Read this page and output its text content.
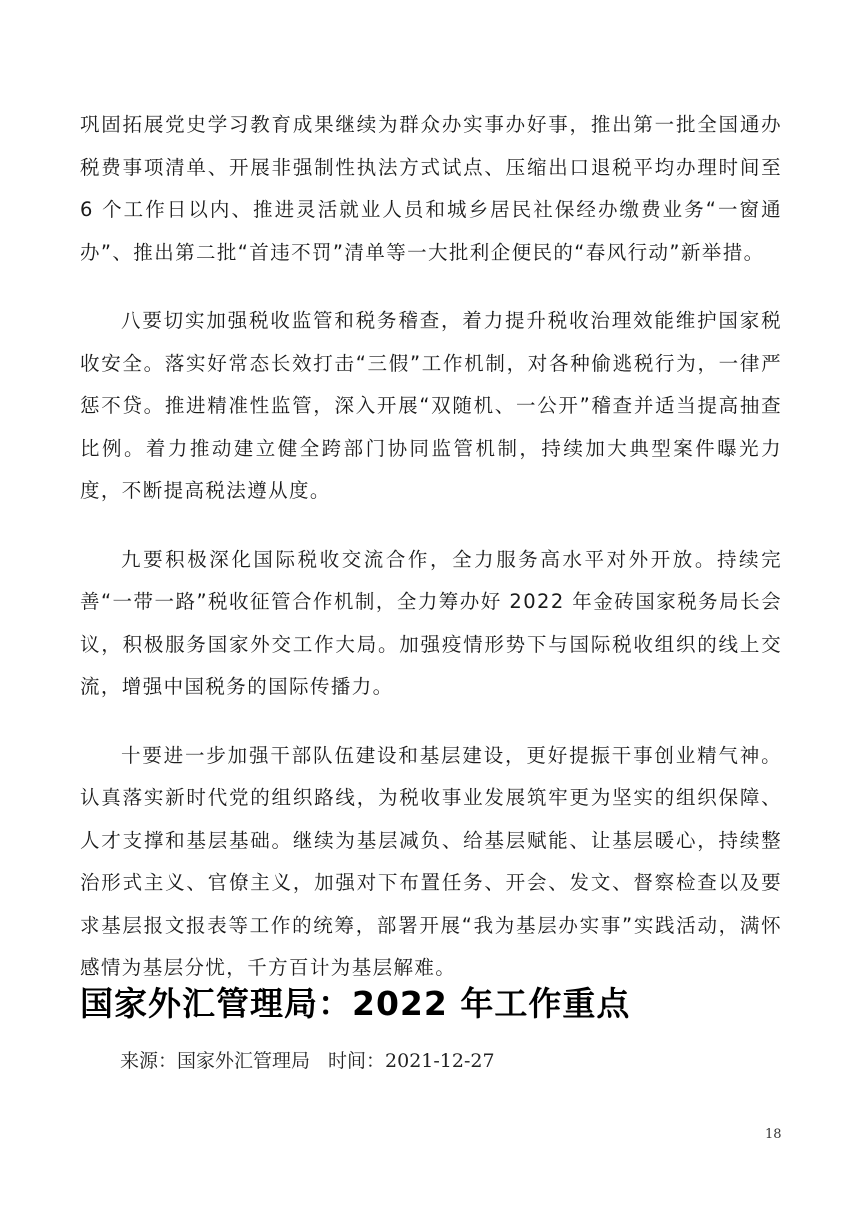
巩固拓展党史学习教育成果继续为群众办实事办好事，推出第一批全国通办税费事项清单、开展非强制性执法方式试点、压缩出口退税平均办理时间至 6 个工作日以内、推进灵活就业人员和城乡居民社保经办缴费业务“一窗通办”、推出第二批“首违不罚”清单等一大批利企便民的“春风行动”新举措。

八要切实加强税收监管和税务稽查，着力提升税收治理效能维护国家税收安全。落实好常态长效打击“三假”工作机制，对各种偷逃税行为，一律严惩不贷。推进精准性监管，深入开展“双随机、一公开”稽查并适当提高抽查比例。着力推动建立健全跨部门协同监管机制，持续加大典型案件曝光力度，不断提高税法遵从度。

九要积极深化国际税收交流合作，全力服务高水平对外开放。持续完善“一带一路”税收征管合作机制，全力筹办好 2022 年金砖国家税务局长会议，积极服务国家外交工作大局。加强疫情形势下与国际税收组织的线上交流，增强中国税务的国际传播力。

十要进一步加强干部队伍建设和基层建设，更好提振干事创业精气神。认真落实新时代党的组织路线，为税收事业发展筑牢更为坚实的组织保障、人才支撑和基层基础。继续为基层减负、给基层赋能、让基层暖心，持续整治形式主义、官僚主义，加强对下布置任务、开会、发文、督察检查以及要求基层报文报表等工作的统筹，部署开展“我为基层办实事”实践活动，满怀感情为基层分忧，千方百计为基层解难。

国家外汇管理局：2022 年工作重点
来源：国家外汇管理局 时间：2021-12-27
18
